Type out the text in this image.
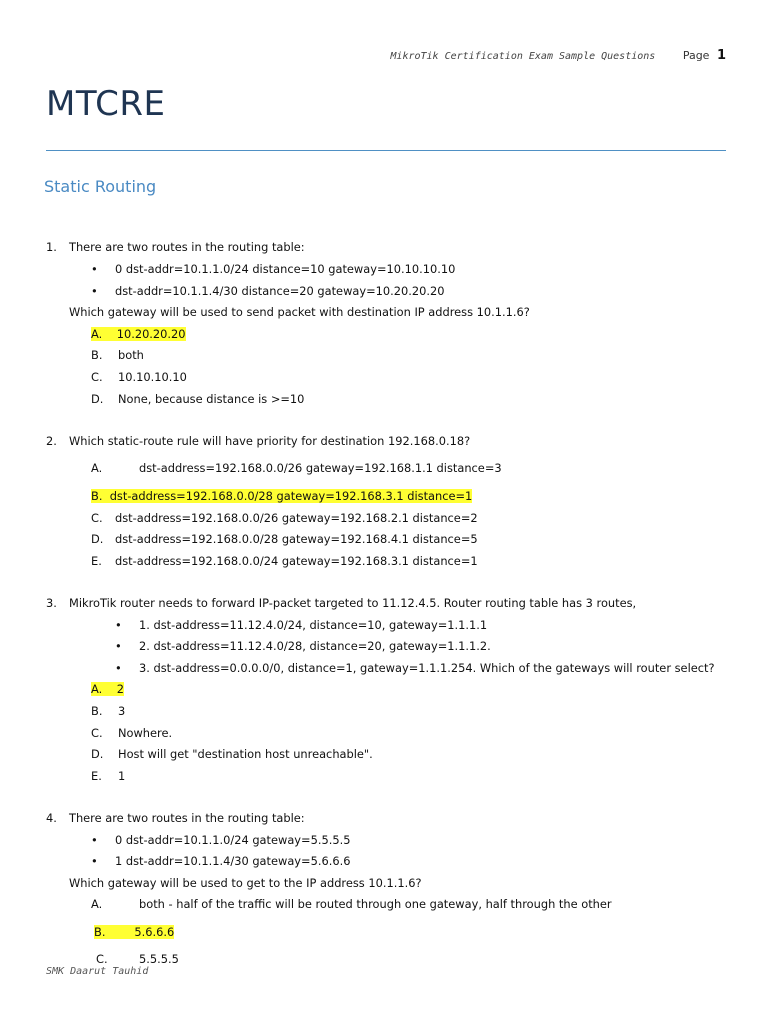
MikroTik Certification Exam Sample Questions	Page 1
MTCRE
Static Routing
1. There are two routes in the routing table:
• 0 dst-addr=10.1.1.0/24 distance=10 gateway=10.10.10.10
• dst-addr=10.1.1.4/30 distance=20 gateway=10.20.20.20
Which gateway will be used to send packet with destination IP address 10.1.1.6?
A. 10.20.20.20
B. both
C. 10.10.10.10
D. None, because distance is >=10
2. Which static-route rule will have priority for destination 192.168.0.18?
A.	dst-address=192.168.0.0/26 gateway=192.168.1.1 distance=3
B. dst-address=192.168.0.0/28 gateway=192.168.3.1 distance=1
C. dst-address=192.168.0.0/26 gateway=192.168.2.1 distance=2
D. dst-address=192.168.0.0/28 gateway=192.168.4.1 distance=5
E. dst-address=192.168.0.0/24 gateway=192.168.3.1 distance=1
3. MikroTik router needs to forward IP-packet targeted to 11.12.4.5. Router routing table has 3 routes,
• 1. dst-address=11.12.4.0/24, distance=10, gateway=1.1.1.1
• 2. dst-address=11.12.4.0/28, distance=20, gateway=1.1.1.2.
• 3. dst-address=0.0.0.0/0, distance=1, gateway=1.1.1.254. Which of the gateways will router select?
A. 2
B. 3
C. Nowhere.
D. Host will get "destination host unreachable".
E. 1
4. There are two routes in the routing table:
• 0 dst-addr=10.1.1.0/24 gateway=5.5.5.5
• 1 dst-addr=10.1.1.4/30 gateway=5.6.6.6
Which gateway will be used to get to the IP address 10.1.1.6?
A.	both - half of the traffic will be routed through one gateway, half through the other
B.	5.6.6.6
C.	5.5.5.5
SMK Daarut Tauhid
